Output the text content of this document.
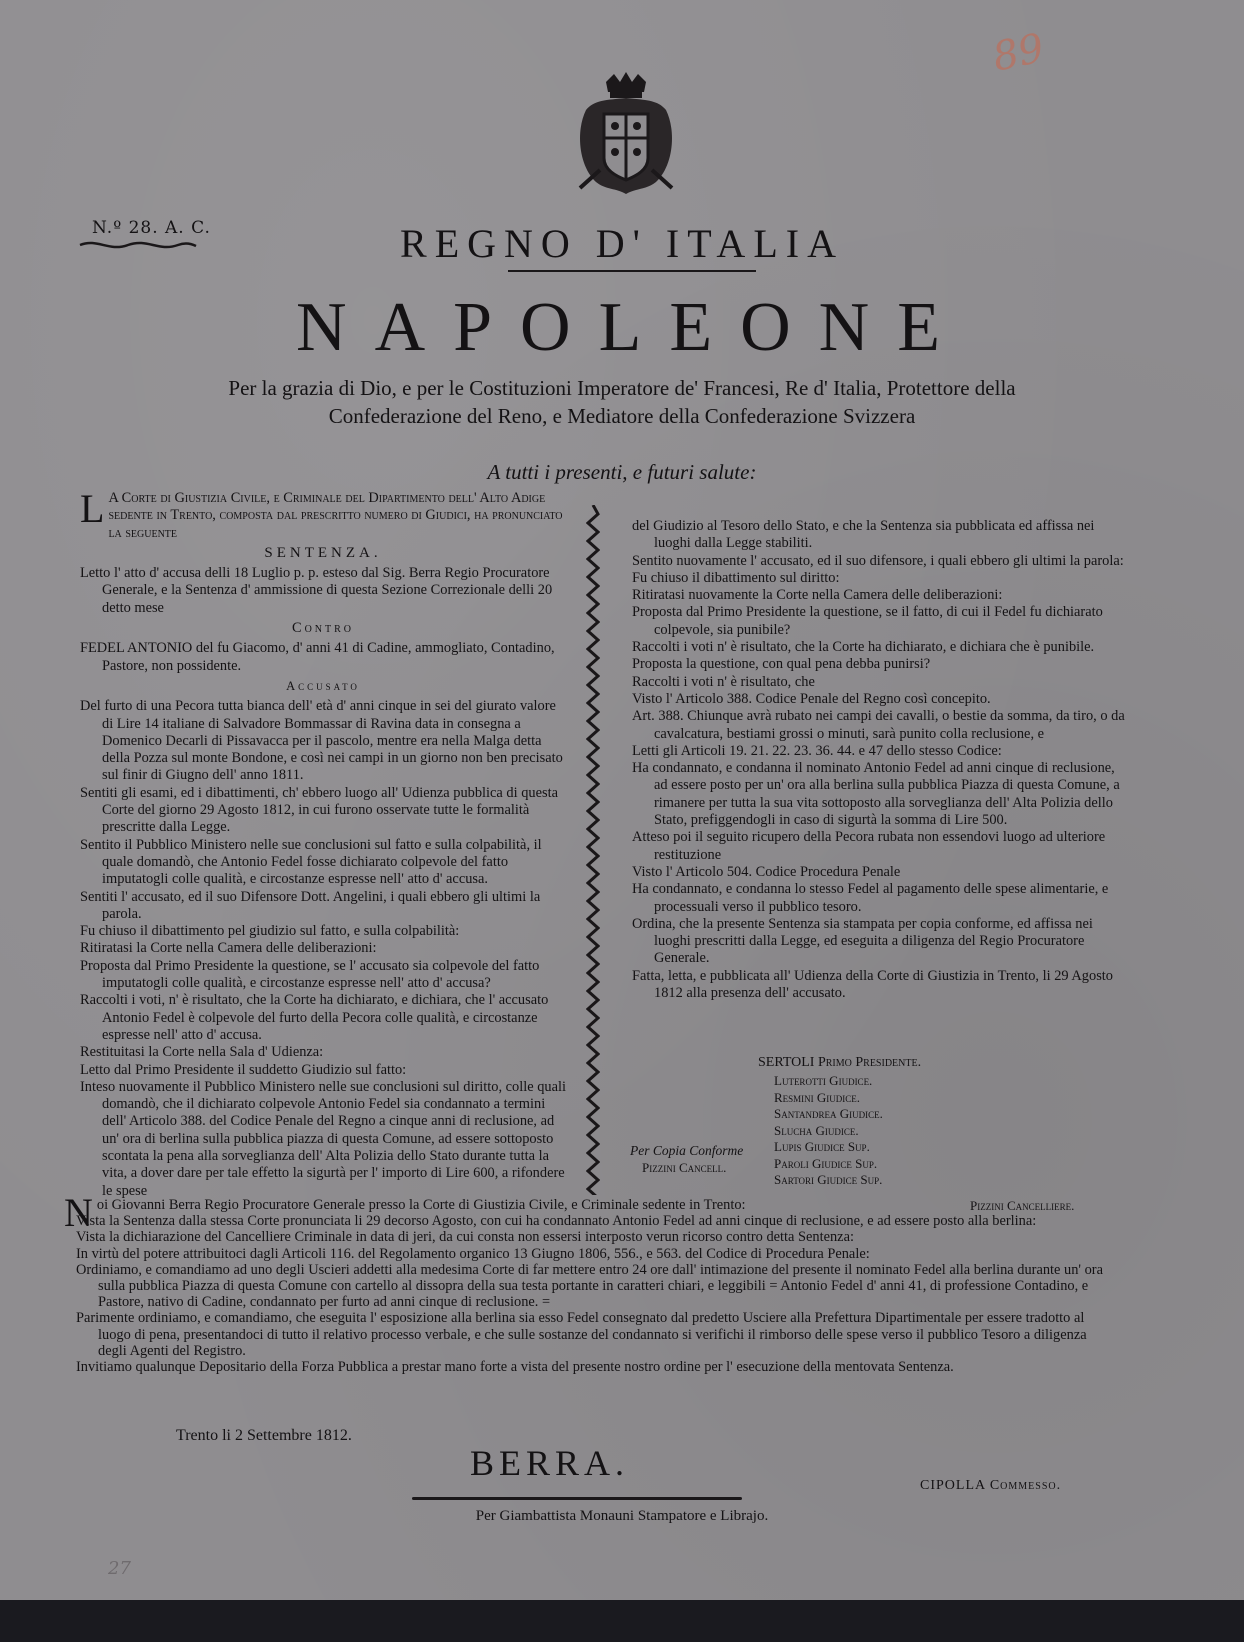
89
N.º 28. A. C.	REGNO D' ITALIA
NAPOLEONE
Per la grazia di Dio, e per le Costituzioni Imperatore de' Francesi, Re d' Italia, Protettore della
Confederazione del Reno, e Mediatore della Confederazione Svizzera
A tutti i presenti, e futuri salute:

L A Corte di Giustizia Civile, e Criminale del Dipartimento dell' Alto Adige sedente in Trento, composta dal prescritto numero di Giudici, ha pronunciato la seguente

SENTENZA.

Letto l' atto d' accusa delli 18 Luglio p. p. esteso dal Sig. Berra Regio Procuratore Generale, e la Sentenza d' ammissione di questa Sezione Correzionale delli 20 detto mese

Contro

FEDEL ANTONIO del fu Giacomo, d' anni 41 di Cadine, ammogliato, Contadino, Pastore, non possidente.

Accusato

Del furto di una Pecora tutta bianca dell' età d' anni cinque in sei del giurato valore di Lire 14 italiane di Salvadore Bommassar di Ravina data in consegna a Domenico Decarli di Pissavacca per il pascolo, mentre era nella Malga detta della Pozza sul monte Bondone, e così nei campi in un giorno non ben precisato sul finir di Giugno dell' anno 1811.

Sentiti gli esami, ed i dibattimenti, ch' ebbero luogo all' Udienza pubblica di questa Corte del giorno 29 Agosto 1812, in cui furono osservate tutte le formalità prescritte dalla Legge.

Sentito il Pubblico Ministero nelle sue conclusioni sul fatto e sulla colpabilità, il quale domandò, che Antonio Fedel fosse dichiarato colpevole del fatto imputatogli colle qualità, e circostanze espresse nell' atto d' accusa.

Sentiti l' accusato, ed il suo Difensore Dott. Angelini, i quali ebbero gli ultimi la parola.

Fu chiuso il dibattimento pel giudizio sul fatto, e sulla colpabilità:

Ritiratasi la Corte nella Camera delle deliberazioni:

Proposta dal Primo Presidente la questione, se l' accusato sia colpevole del fatto imputatogli colle qualità, e circostanze espresse nell' atto d' accusa?

Raccolti i voti, n' è risultato, che la Corte ha dichiarato, e dichiara, che l' accusato Antonio Fedel è colpevole del furto della Pecora colle qualità, e circostanze espresse nell' atto d' accusa.

Restituitasi la Corte nella Sala d' Udienza:

Letto dal Primo Presidente il suddetto Giudizio sul fatto:

Inteso nuovamente il Pubblico Ministero nelle sue conclusioni sul diritto, colle quali domandò, che il dichiarato colpevole Antonio Fedel sia condannato a termini dell' Articolo 388. del Codice Penale del Regno a cinque anni di reclusione, ad un' ora di berlina sulla pubblica piazza di questa Comune, ad essere sottoposto scontata la pena alla sorveglianza dell' Alta Polizia dello Stato durante tutta la vita, a dover dare per tale effetto la sigurtà per l' importo di Lire 600, a rifondere le spese

del Giudizio al Tesoro dello Stato, e che la Sentenza sia pubblicata ed affissa nei luoghi dalla Legge stabiliti.

Sentito nuovamente l' accusato, ed il suo difensore, i quali ebbero gli ultimi la parola:

Fu chiuso il dibattimento sul diritto:

Ritiratasi nuovamente la Corte nella Camera delle deliberazioni:

Proposta dal Primo Presidente la questione, se il fatto, di cui il Fedel fu dichiarato colpevole, sia punibile?

Raccolti i voti n' è risultato, che la Corte ha dichiarato, e dichiara che è punibile.

Proposta la questione, con qual pena debba punirsi?

Raccolti i voti n' è risultato, che

Visto l' Articolo 388. Codice Penale del Regno così concepito.

Art. 388. Chiunque avrà rubato nei campi dei cavalli, o bestie da somma, da tiro, o da cavalcatura, bestiami grossi o minuti, sarà punito colla reclusione, e

Letti gli Articoli 19. 21. 22. 23. 36. 44. e 47 dello stesso Codice:

Ha condannato, e condanna il nominato Antonio Fedel ad anni cinque di reclusione, ad essere posto per un' ora alla berlina sulla pubblica Piazza di questa Comune, a rimanere per tutta la sua vita sottoposto alla sorveglianza dell' Alta Polizia dello Stato, prefiggendogli in caso di sigurtà la somma di Lire 500.

Atteso poi il seguito ricupero della Pecora rubata non essendovi luogo ad ulteriore restituzione

Visto l' Articolo 504. Codice Procedura Penale

Ha condannato, e condanna lo stesso Fedel al pagamento delle spese alimentarie, e processuali verso il pubblico tesoro.

Ordina, che la presente Sentenza sia stampata per copia conforme, ed affissa nei luoghi prescritti dalla Legge, ed eseguita a diligenza del Regio Procuratore Generale.

Fatta, letta, e pubblicata all' Udienza della Corte di Giustizia in Trento, li 29 Agosto 1812 alla presenza dell' accusato.

SERTOLI Primo Presidente.
Luterotti Giudice.
Resmini Giudice.
Santandrea Giudice.
Slucha Giudice.
Lupis Giudice Sup.
Paroli Giudice Sup.
Sartori Giudice Sup.
Per Copia Conforme
Pizzini Cancell.
Pizzini Cancelliere.

N oi Giovanni Berra Regio Procuratore Generale presso la Corte di Giustizia Civile, e Criminale sedente in Trento:

Vista la Sentenza dalla stessa Corte pronunciata li 29 decorso Agosto, con cui ha condannato Antonio Fedel ad anni cinque di reclusione, e ad essere posto alla berlina:

Vista la dichiarazione del Cancelliere Criminale in data di jeri, da cui consta non essersi interposto verun ricorso contro detta Sentenza:

In virtù del potere attribuitoci dagli Articoli 116. del Regolamento organico 13 Giugno 1806, 556., e 563. del Codice di Procedura Penale:

Ordiniamo, e comandiamo ad uno degli Uscieri addetti alla medesima Corte di far mettere entro 24 ore dall' intimazione del presente il nominato Fedel alla berlina durante un' ora sulla pubblica Piazza di questa Comune con cartello al dissopra della sua testa portante in caratteri chiari, e leggibili = Antonio Fedel d' anni 41, di professione Contadino, e Pastore, nativo di Cadine, condannato per furto ad anni cinque di reclusione. =

Parimente ordiniamo, e comandiamo, che eseguita l' esposizione alla berlina sia esso Fedel consegnato dal predetto Usciere alla Prefettura Dipartimentale per essere tradotto al luogo di pena, presentandoci di tutto il relativo processo verbale, e che sulle sostanze del condannato si verifichi il rimborso delle spese verso il pubblico Tesoro a diligenza degli Agenti del Registro.

Invitiamo qualunque Depositario della Forza Pubblica a prestar mano forte a vista del presente nostro ordine per l' esecuzione della mentovata Sentenza.

Trento li 2 Settembre 1812.
BERRA.
CIPOLLA Commesso.
Per Giambattista Monauni Stampatore e Librajo.
27
